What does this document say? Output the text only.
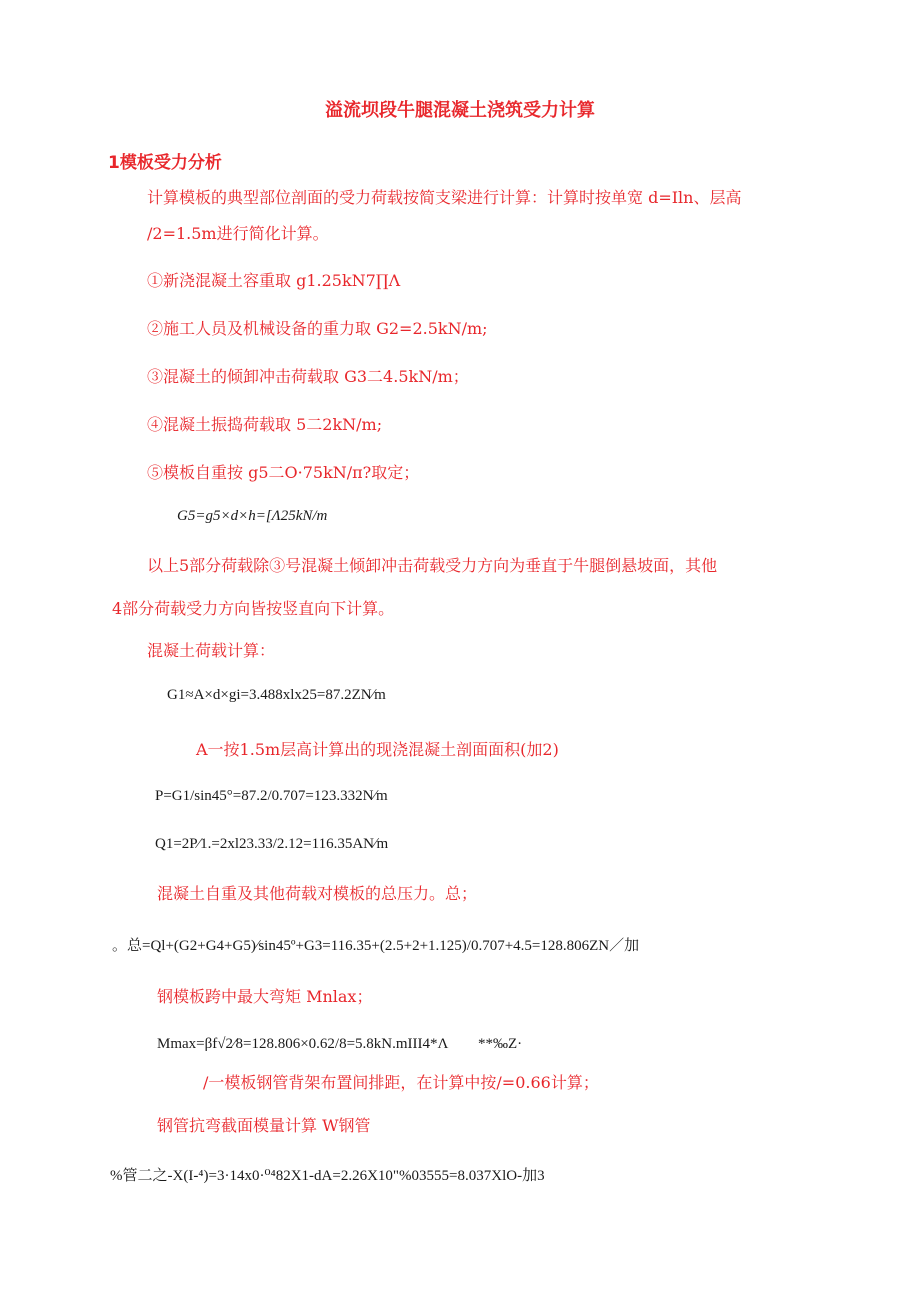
溢流坝段牛腿混凝土浇筑受力计算
1模板受力分析
计算模板的典型部位剖面的受力荷载按简支梁进行计算：计算时按单宽 d=Iln、层高
/2=1.5m进行简化计算。
①新浇混凝土容重取 g1.25kN7∏Λ
②施工人员及机械设备的重力取 G2=2.5kN∕m;
③混凝土的倾卸冲击荷载取 G3二4.5kN/m；
④混凝土振捣荷载取 5二2kN∕m;
⑤模板自重按 g5二O·75kN∕π?取定；
G5=g5×d×h=[Λ25kN/m
以上5部分荷载除③号混凝土倾卸冲击荷载受力方向为垂直于牛腿倒悬坡面，其他
4部分荷载受力方向皆按竖直向下计算。
混凝土荷载计算：
G1≈A×d×gi=3.488xlx25=87.2ZN∕m
A一按1.5m层高计算出的现浇混凝土剖面面积(加2)
P=G1/sin45°=87.2/0.707=123.332N∕m
Q1=2P∕1.=2xl23.33/2.12=116.35AN∕m
混凝土自重及其他荷载对模板的总压力。总；
。总=Ql+(G2+G4+G5)∕sin45º+G3=116.35+(2.5+2+1.125)/0.707+4.5=128.806ZN／加
钢模板跨中最大弯矩 Mnlax；
Mmax=βf√2∕8=128.806×0.62/8=5.8kN.mIII4*Λ　　**‰Z·
/一模板钢管背架布置间排距，在计算中按/=0.66计算；
钢管抗弯截面模量计算 W钢管
%管二之-X(I-⁴)=3·14x0·⁰⁴82X1-dA=2.26X10"%03555=8.037XlO-加3
